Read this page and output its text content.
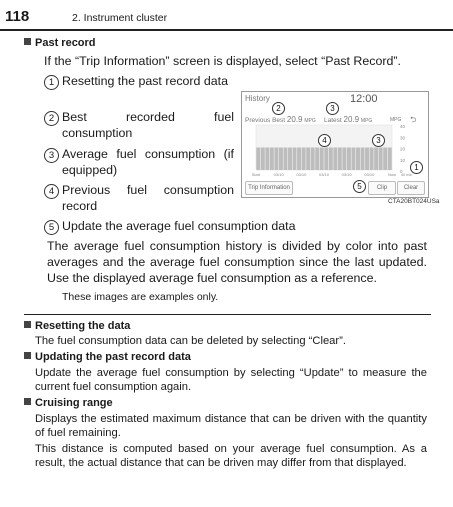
118	2. Instrument cluster
Past record
If the “Trip Information” screen is displayed, select “Past Record”.
1 Resetting the past record data
2 Best recorded fuel consumption
3 Average fuel consumption (if equipped)
4 Previous fuel consumption record
5 Update the average fuel consumption data
History	12:00
Previous Best 20.9 MPG Latest 20.9 MPG	MPG ⮌
40
30
20
10
0
Start	03/10	03/10	03/10	03/10	03/10	Now 40 min
2	3
4	3
1
5
Trip Information	Clip	Clear
CTA20BT024USa
The average fuel consumption history is divided by color into past averages and the average fuel consumption since the last updated. Use the displayed average fuel consumption as a reference.
These images are examples only.
Resetting the data
The fuel consumption data can be deleted by selecting “Clear”.
Updating the past record data
Update the average fuel consumption by selecting “Update” to measure the current fuel consumption again.
Cruising range
Displays the estimated maximum distance that can be driven with the quantity of fuel remaining.
This distance is computed based on your average fuel consumption. As a result, the actual distance that can be driven may differ from that displayed.
